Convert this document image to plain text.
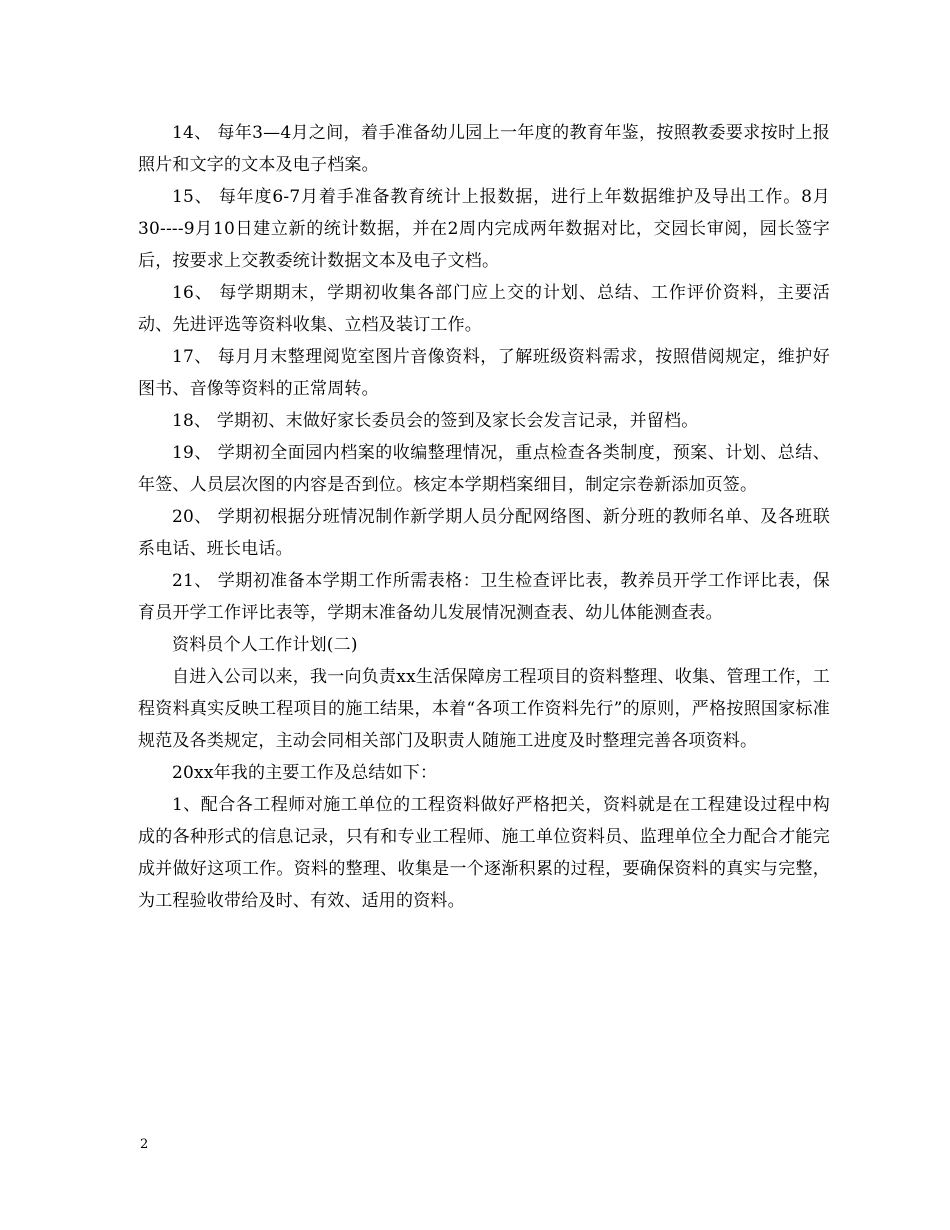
14、 每年3—4月之间，着手准备幼儿园上一年度的教育年鉴，按照教委要求按时上报照片和文字的文本及电子档案。

15、 每年度6-7月着手准备教育统计上报数据，进行上年数据维护及导出工作。8月30----9月10日建立新的统计数据，并在2周内完成两年数据对比，交园长审阅，园长签字后，按要求上交教委统计数据文本及电子文档。

16、 每学期期末，学期初收集各部门应上交的计划、总结、工作评价资料，主要活动、先进评选等资料收集、立档及装订工作。

17、 每月月末整理阅览室图片音像资料，了解班级资料需求，按照借阅规定，维护好图书、音像等资料的正常周转。

18、 学期初、末做好家长委员会的签到及家长会发言记录，并留档。

19、 学期初全面园内档案的收编整理情况，重点检查各类制度，预案、计划、总结、年签、人员层次图的内容是否到位。核定本学期档案细目，制定宗卷新添加页签。

20、 学期初根据分班情况制作新学期人员分配网络图、新分班的教师名单、及各班联系电话、班长电话。

21、 学期初准备本学期工作所需表格：卫生检查评比表，教养员开学工作评比表，保育员开学工作评比表等，学期末准备幼儿发展情况测查表、幼儿体能测查表。

资料员个人工作计划(二)

自进入公司以来，我一向负责xx生活保障房工程项目的资料整理、收集、管理工作，工程资料真实反映工程项目的施工结果，本着“各项工作资料先行”的原则，严格按照国家标准规范及各类规定，主动会同相关部门及职责人随施工进度及时整理完善各项资料。

20xx年我的主要工作及总结如下：

1、配合各工程师对施工单位的工程资料做好严格把关，资料就是在工程建设过程中构成的各种形式的信息记录，只有和专业工程师、施工单位资料员、监理单位全力配合才能完成并做好这项工作。资料的整理、收集是一个逐渐积累的过程，要确保资料的真实与完整，为工程验收带给及时、有效、适用的资料。

2
